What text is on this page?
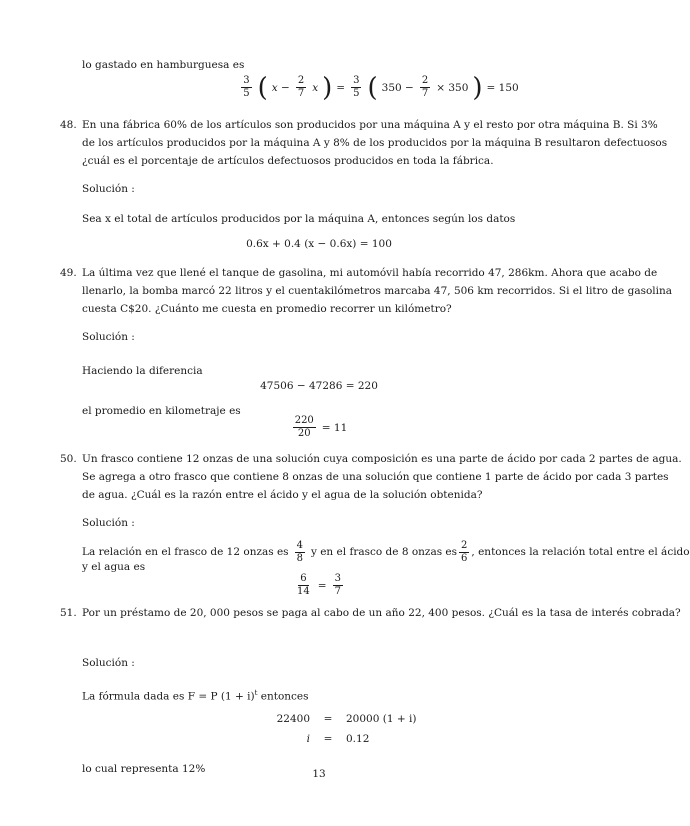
lo gastado en hamburguesa es
$\frac{3}{5}$ ( $x - \frac{2}{7}$ x ) = $\frac{3}{5}$ ( $350 - \frac{2}{7} \times 350$ ) = 150
48. En una fábrica 60% de los artículos son producidos por una máquina A y el resto por otra máquina B. Si 3%
de los artículos producidos por la máquina A y 8% de los producidos por la máquina B resultaron defectuosos
¿cuál es el porcentaje de artículos defectuosos producidos en toda la fábrica.
Solución :
Sea x el total de artículos producidos por la máquina A, entonces según los datos
0.6x + 0.4 (x − 0.6x) = 100
49. La última vez que llené el tanque de gasolina, mi automóvil había recorrido 47, 286km. Ahora que acabo de
llenarlo, la bomba marcó 22 litros y el cuentakilómetros marcaba 47, 506 km recorridos. Si el litro de gasolina
cuesta C$20. ¿Cuánto me cuesta en promedio recorrer un kilómetro?
Solución :
Haciendo la diferencia
47506 − 47286 = 220
el promedio en kilometraje es
$\frac{220}{20} = 11$
50. Un frasco contiene 12 onzas de una solución cuya composición es una parte de ácido por cada 2 partes de agua.
Se agrega a otro frasco que contiene 8 onzas de una solución que contiene 1 parte de ácido por cada 3 partes
de agua. ¿Cuál es la razón entre el ácido y el agua de la solución obtenida?
Solución :
La relación en el frasco de 12 onzas es $\frac{4}{8}$ y en el frasco de 8 onzas es $\frac{2}{6}$ , entonces la relación total entre el ácido
y el agua es
$\frac{6}{14} = \frac{3}{7}$
51. Por un préstamo de 20, 000 pesos se paga al cabo de un año 22, 400 pesos. ¿Cuál es la tasa de interés cobrada?
Solución :
La fórmula dada es F = P $(1 + i)^t$ entonces
22400	=	20000 (1 + i)
i	=	0.12
lo cual representa 12%	13
